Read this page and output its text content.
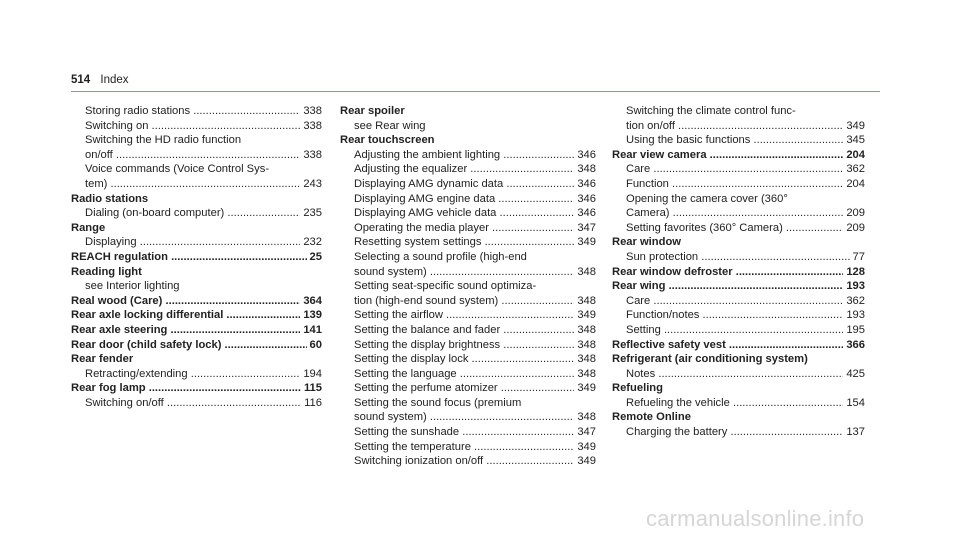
514 Index
Storing radio stations .....	338
Switching on .....	338
Switching the HD radio function
on/off .....	338
Voice commands (Voice Control Sys-
tem) .....	243
Radio stations
Dialing (on-board computer) .....	235
Range
Displaying .....	232
REACH regulation .....	25
Reading light
see Interior lighting
Real wood (Care) .....	364
Rear axle locking differential .....	139
Rear axle steering .....	141
Rear door (child safety lock) .....	60
Rear fender
Retracting/extending .....	194
Rear fog lamp .....	115
Switching on/off .....	116
Rear spoiler
see Rear wing
Rear touchscreen
Adjusting the ambient lighting .....	346
Adjusting the equalizer .....	348
Displaying AMG dynamic data .....	346
Displaying AMG engine data .....	346
Displaying AMG vehicle data .....	346
Operating the media player .....	347
Resetting system settings .....	349
Selecting a sound profile (high-end
sound system) .....	348
Setting seat-specific sound optimiza-
tion (high-end sound system) .....	348
Setting the airflow .....	349
Setting the balance and fader .....	348
Setting the display brightness .....	348
Setting the display lock .....	348
Setting the language .....	348
Setting the perfume atomizer .....	349
Setting the sound focus (premium
sound system) .....	348
Setting the sunshade .....	347
Setting the temperature .....	349
Switching ionization on/off .....	349
Switching the climate control func-
tion on/off .....	349
Using the basic functions .....	345
Rear view camera .....	204
Care .....	362
Function .....	204
Opening the camera cover (360°
Camera) .....	209
Setting favorites (360° Camera) .....	209
Rear window
Sun protection .....	77
Rear window defroster .....	128
Rear wing .....	193
Care .....	362
Function/notes .....	193
Setting .....	195
Reflective safety vest .....	366
Refrigerant (air conditioning system)
Notes .....	425
Refueling
Refueling the vehicle .....	154
Remote Online
Charging the battery .....	137
carmanualsonline.info
